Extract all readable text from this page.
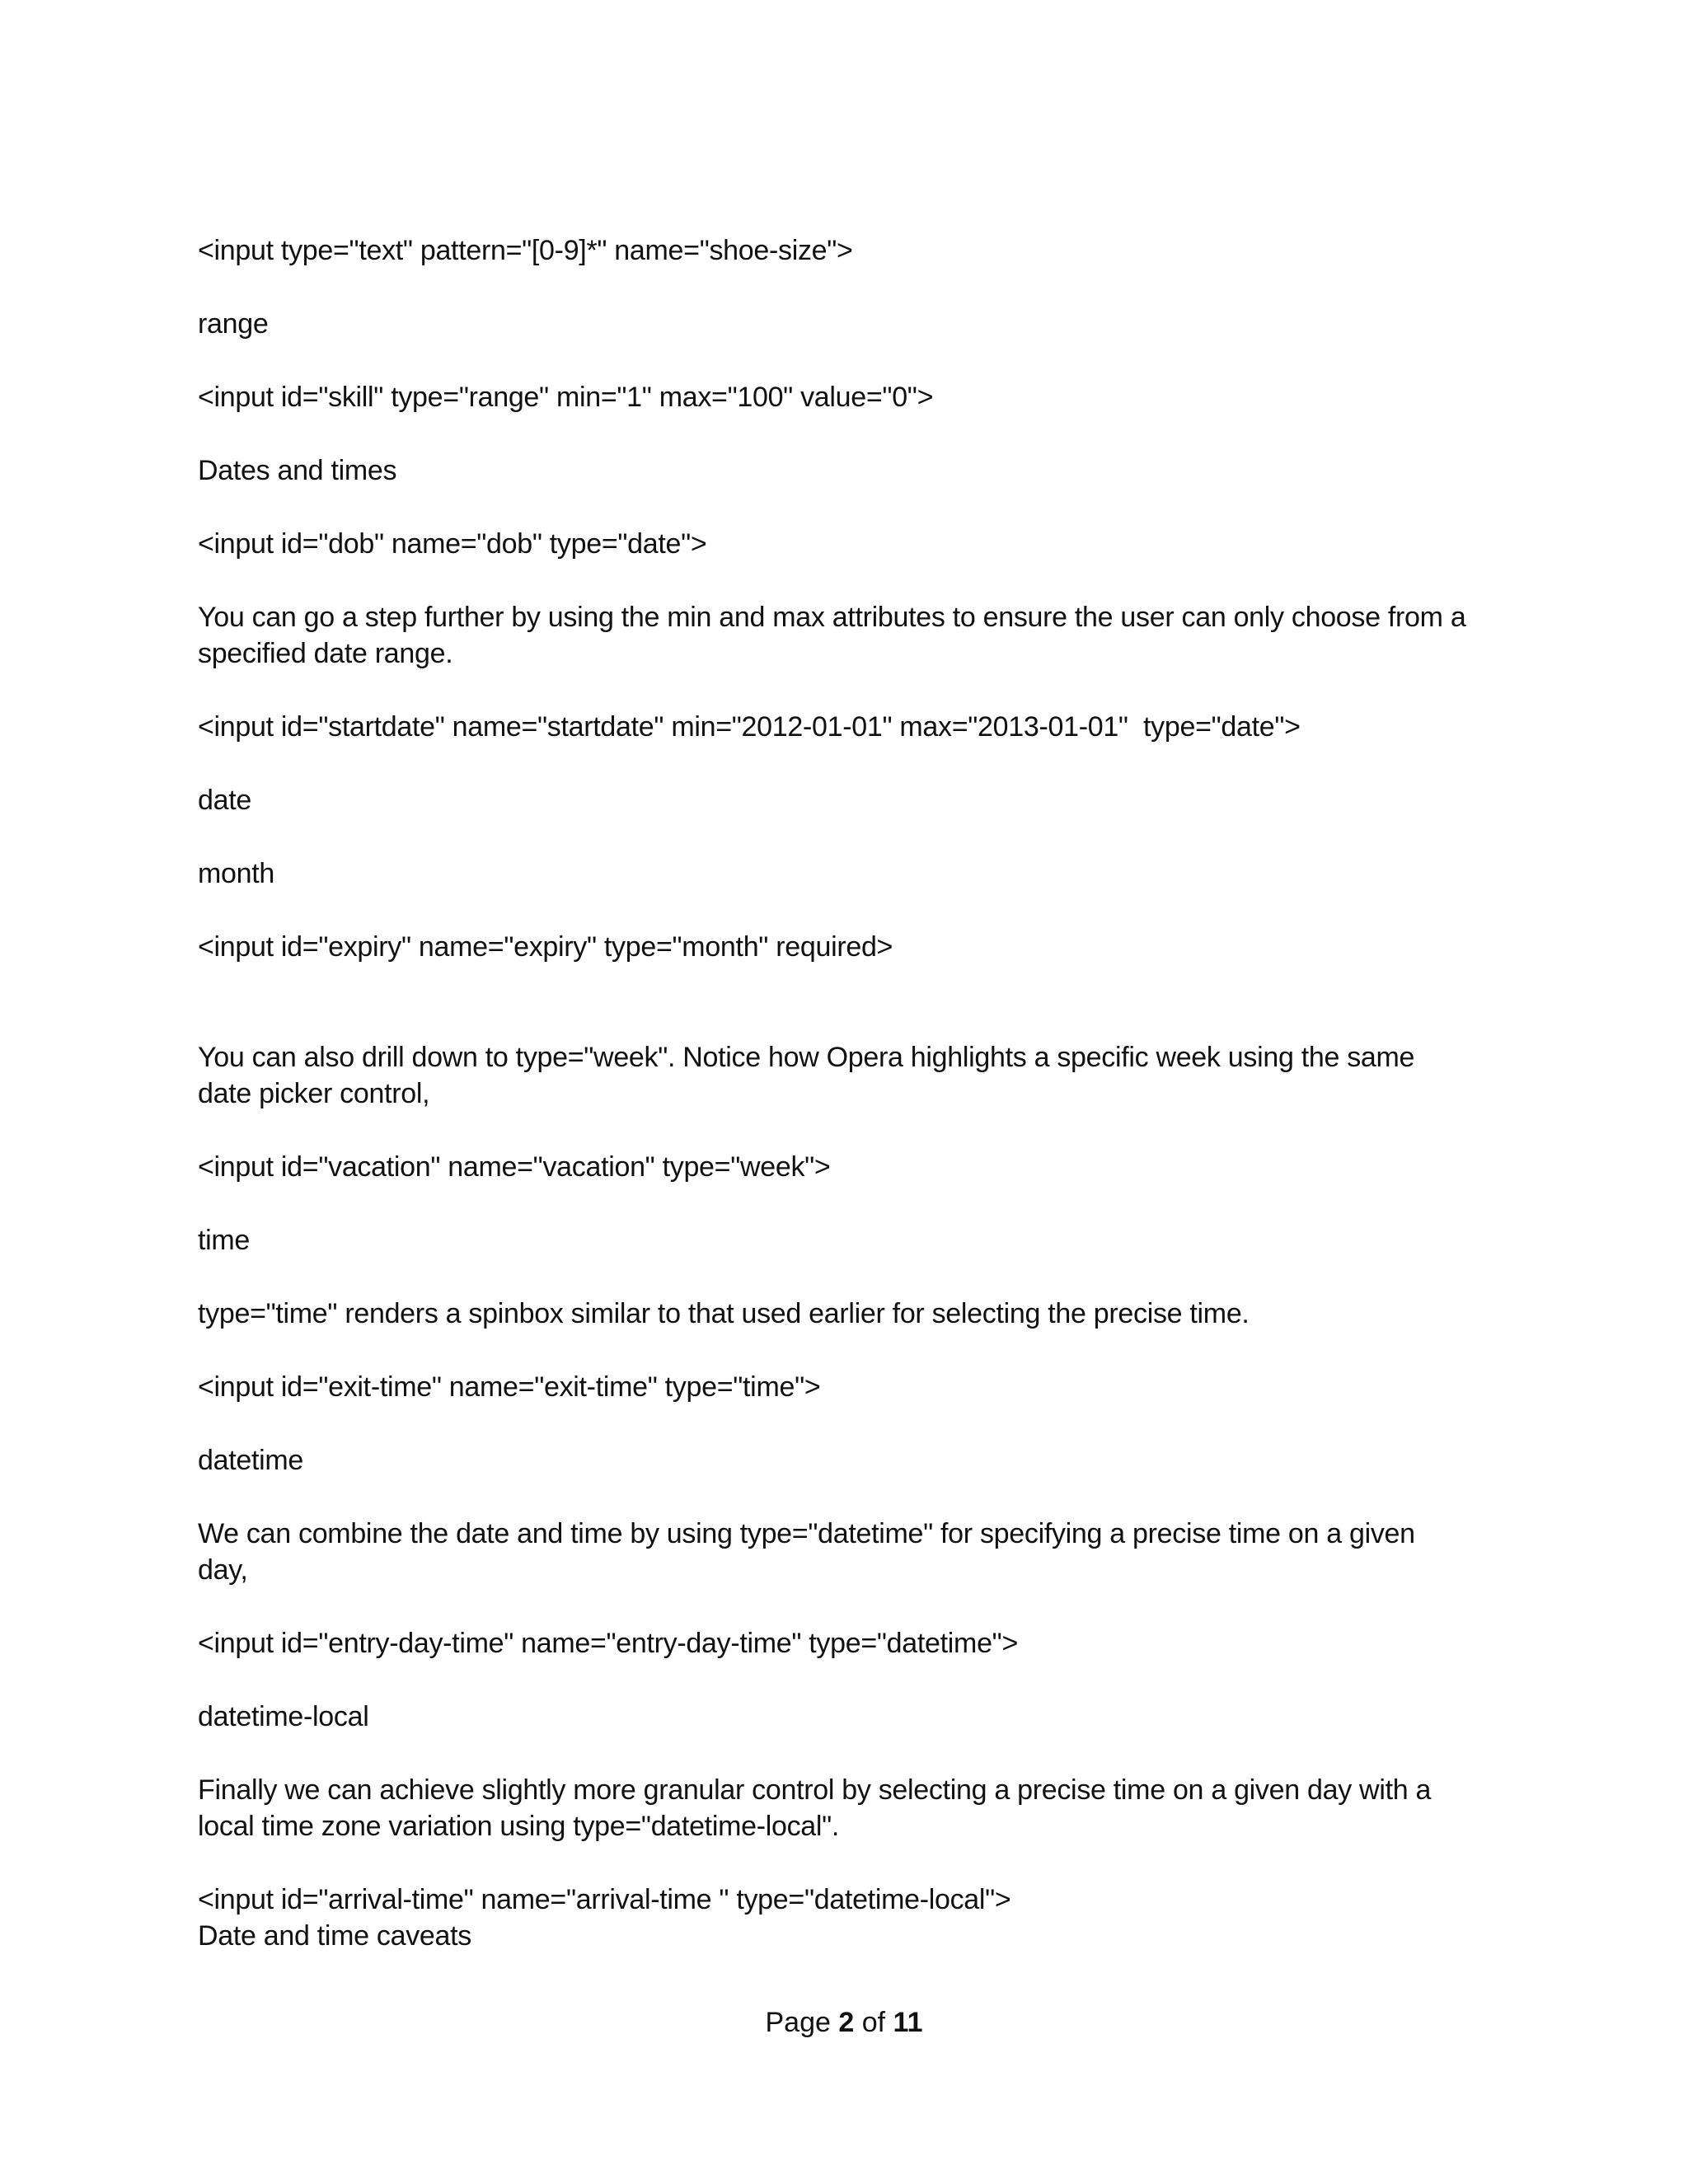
<input type="text" pattern="[0-9]*" name="shoe-size">
range
<input id="skill" type="range" min="1" max="100" value="0">
Dates and times
<input id="dob" name="dob" type="date">
You can go a step further by using the min and max attributes to ensure the user can only choose from a
specified date range.
<input id="startdate" name="startdate" min="2012-01-01" max="2013-01-01"  type="date">
date
month
<input id="expiry" name="expiry" type="month" required>
You can also drill down to type="week". Notice how Opera highlights a specific week using the same
date picker control,
<input id="vacation" name="vacation" type="week">
time
type="time" renders a spinbox similar to that used earlier for selecting the precise time.
<input id="exit-time" name="exit-time" type="time">
datetime
We can combine the date and time by using type="datetime" for specifying a precise time on a given
day,
<input id="entry-day-time" name="entry-day-time" type="datetime">
datetime-local
Finally we can achieve slightly more granular control by selecting a precise time on a given day with a
local time zone variation using type="datetime-local".
<input id="arrival-time" name="arrival-time " type="datetime-local">
Date and time caveats
Page 2 of 11
